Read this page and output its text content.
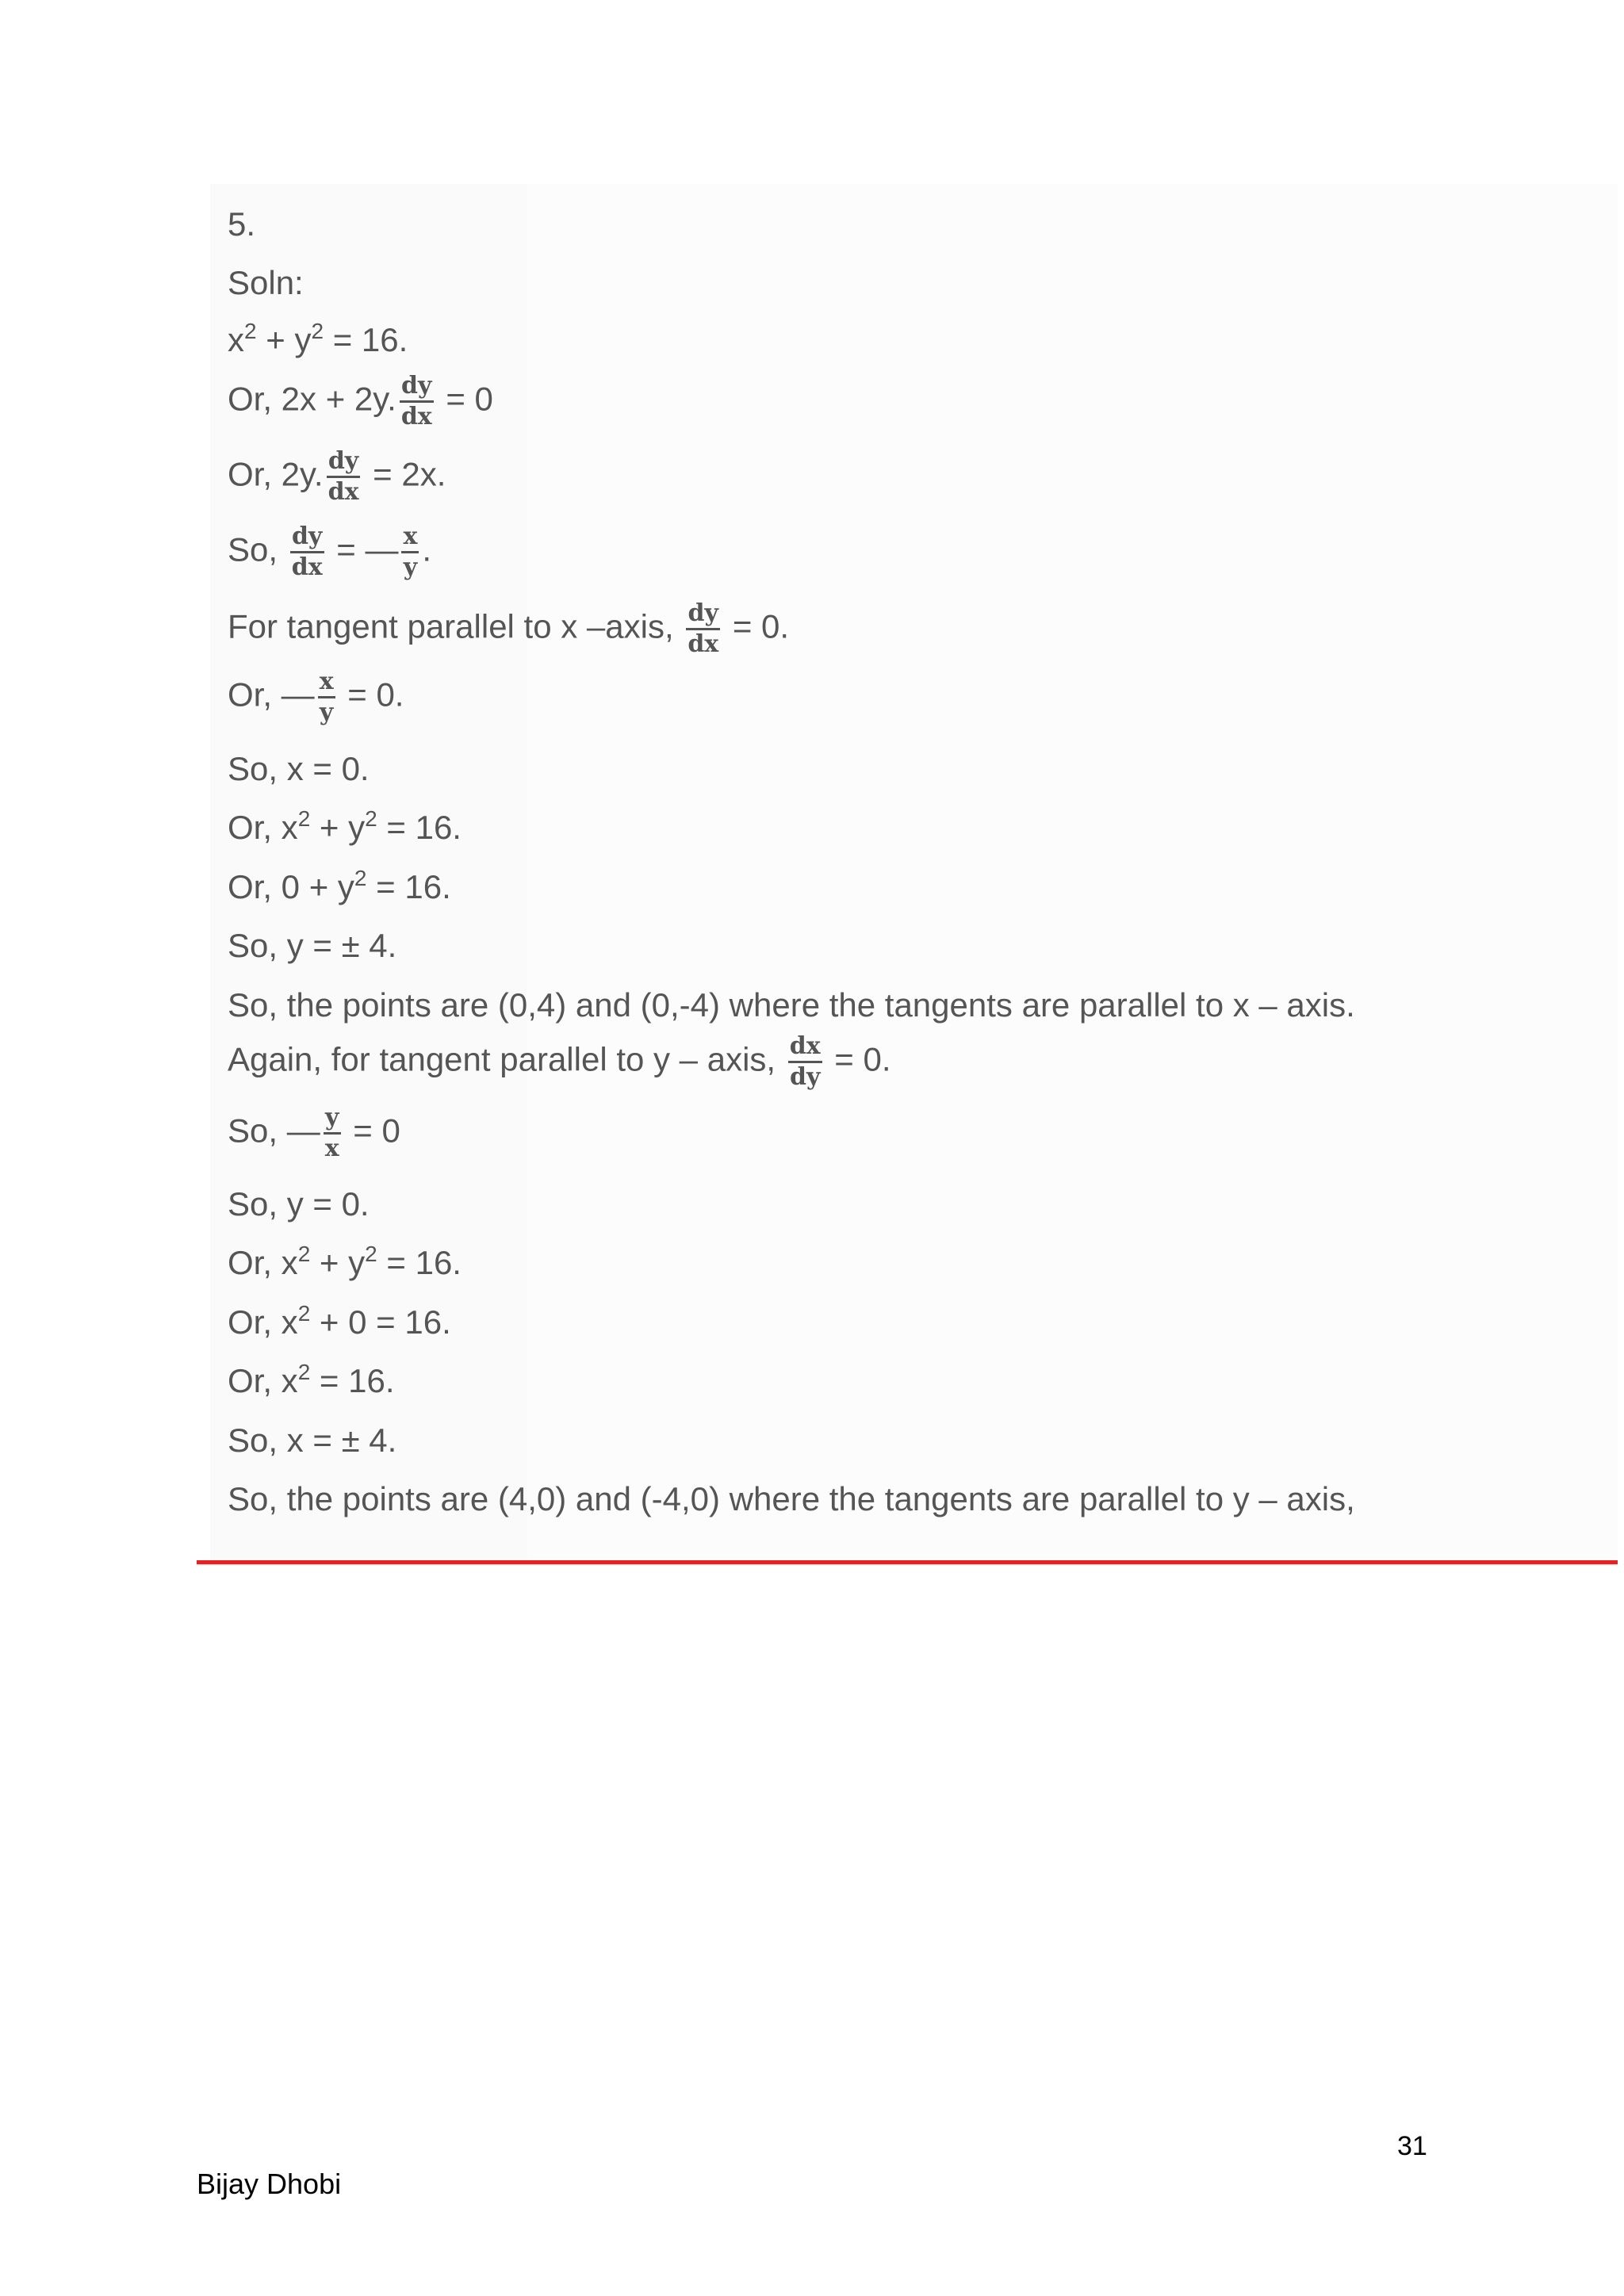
5.
Soln:
$x^2 + y^2 = 16$.
Or, 2x + 2y. $\frac{dy}{dx} = 0$
Or, 2y. $\frac{dy}{dx} = 2x$.
So, $\frac{dy}{dx}$ = — $\frac{x}{y}$ .
For tangent parallel to x –axis, $\frac{dy}{dx} = 0$.
Or, — $\frac{x}{y} = 0$.
So, x = 0.
Or, $x^2 + y^2 = 16$.
Or, $0 + y^2 = 16$.
So, y = ± 4.
So, the points are (0,4) and (0,-4) where the tangents are parallel to x – axis.
Again, for tangent parallel to y – axis, $\frac{dx}{dy} = 0$.
So, — $\frac{y}{x} = 0$
So, y = 0.
Or, $x^2 + y^2 = 16$.
Or, $x^2 + 0 = 16$.
Or, $x^2 = 16$.
So, x = ± 4.
So, the points are (4,0) and (-4,0) where the tangents are parallel to y – axis,
31
Bijay Dhobi
